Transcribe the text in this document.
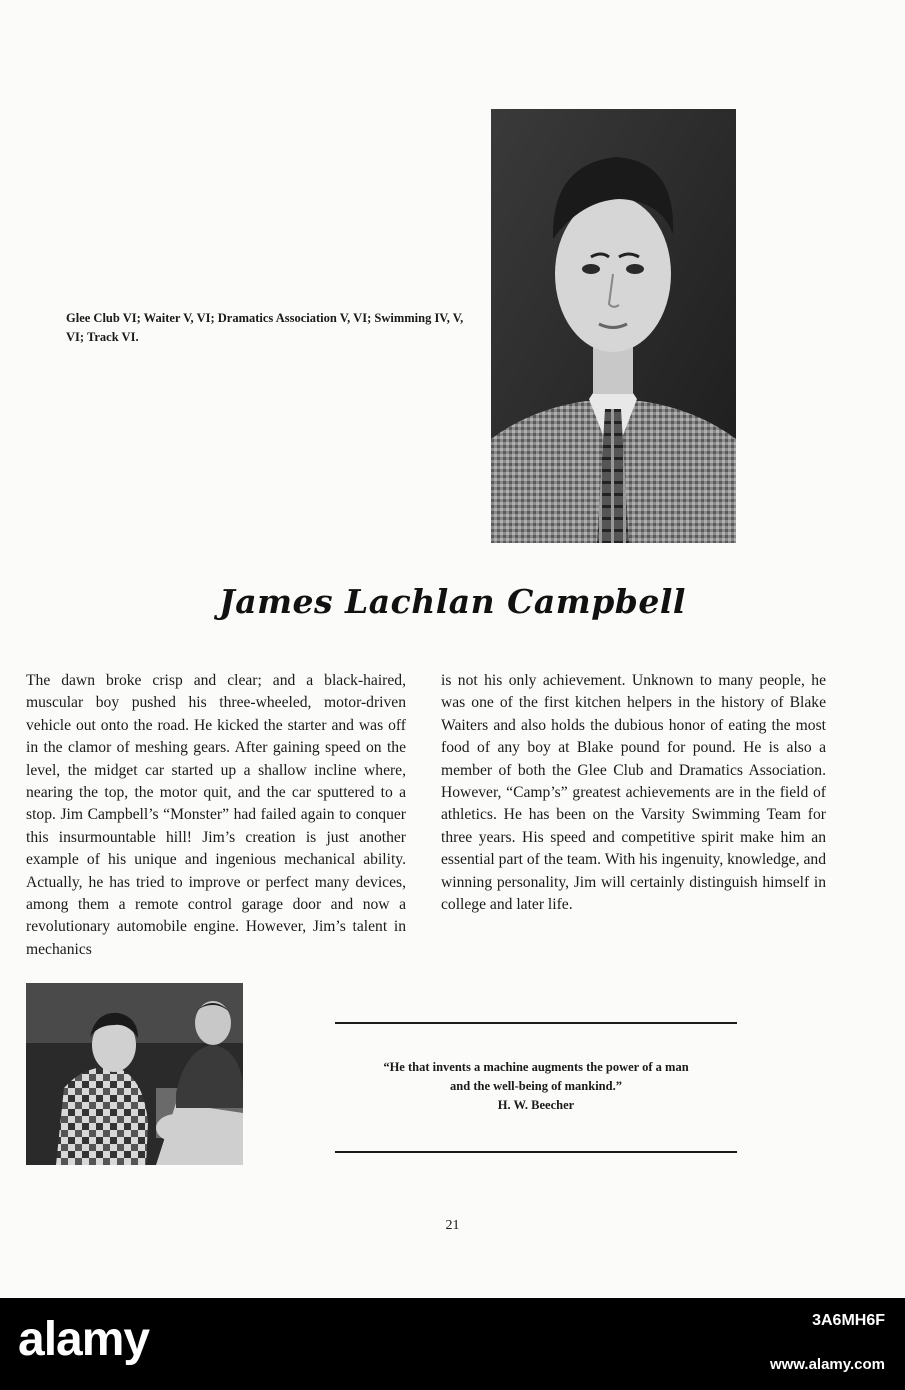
Glee Club VI; Waiter V, VI; Dramatics Association V, VI; Swimming IV, V, VI; Track VI.
James Lachlan Campbell

The dawn broke crisp and clear; and a black-haired, muscular boy pushed his three-wheeled, motor-driven vehicle out onto the road. He kicked the starter and was off in the clamor of meshing gears. After gaining speed on the level, the midget car started up a shallow incline where, nearing the top, the motor quit, and the car sputtered to a stop. Jim Campbell’s “Monster” had failed again to conquer this insurmountable hill! Jim’s creation is just another example of his unique and ingenious mechanical ability. Actually, he has tried to improve or perfect many devices, among them a remote control garage door and now a revolutionary automobile engine. However, Jim’s talent in mechanics

is not his only achievement. Unknown to many people, he was one of the first kitchen helpers in the history of Blake Waiters and also holds the dubious honor of eating the most food of any boy at Blake pound for pound. He is also a member of both the Glee Club and Dramatics Association. However, “Camp’s” greatest achievements are in the field of athletics. He has been on the Varsity Swimming Team for three years. His speed and competitive spirit make him an essential part of the team. With his ingenuity, knowledge, and winning personality, Jim will certainly distinguish himself in college and later life.

“He that invents a machine augments the power of a man
and the well-being of mankind.”
H. W. Beecher
21
alamy	3A6MH6F
www.alamy.com
